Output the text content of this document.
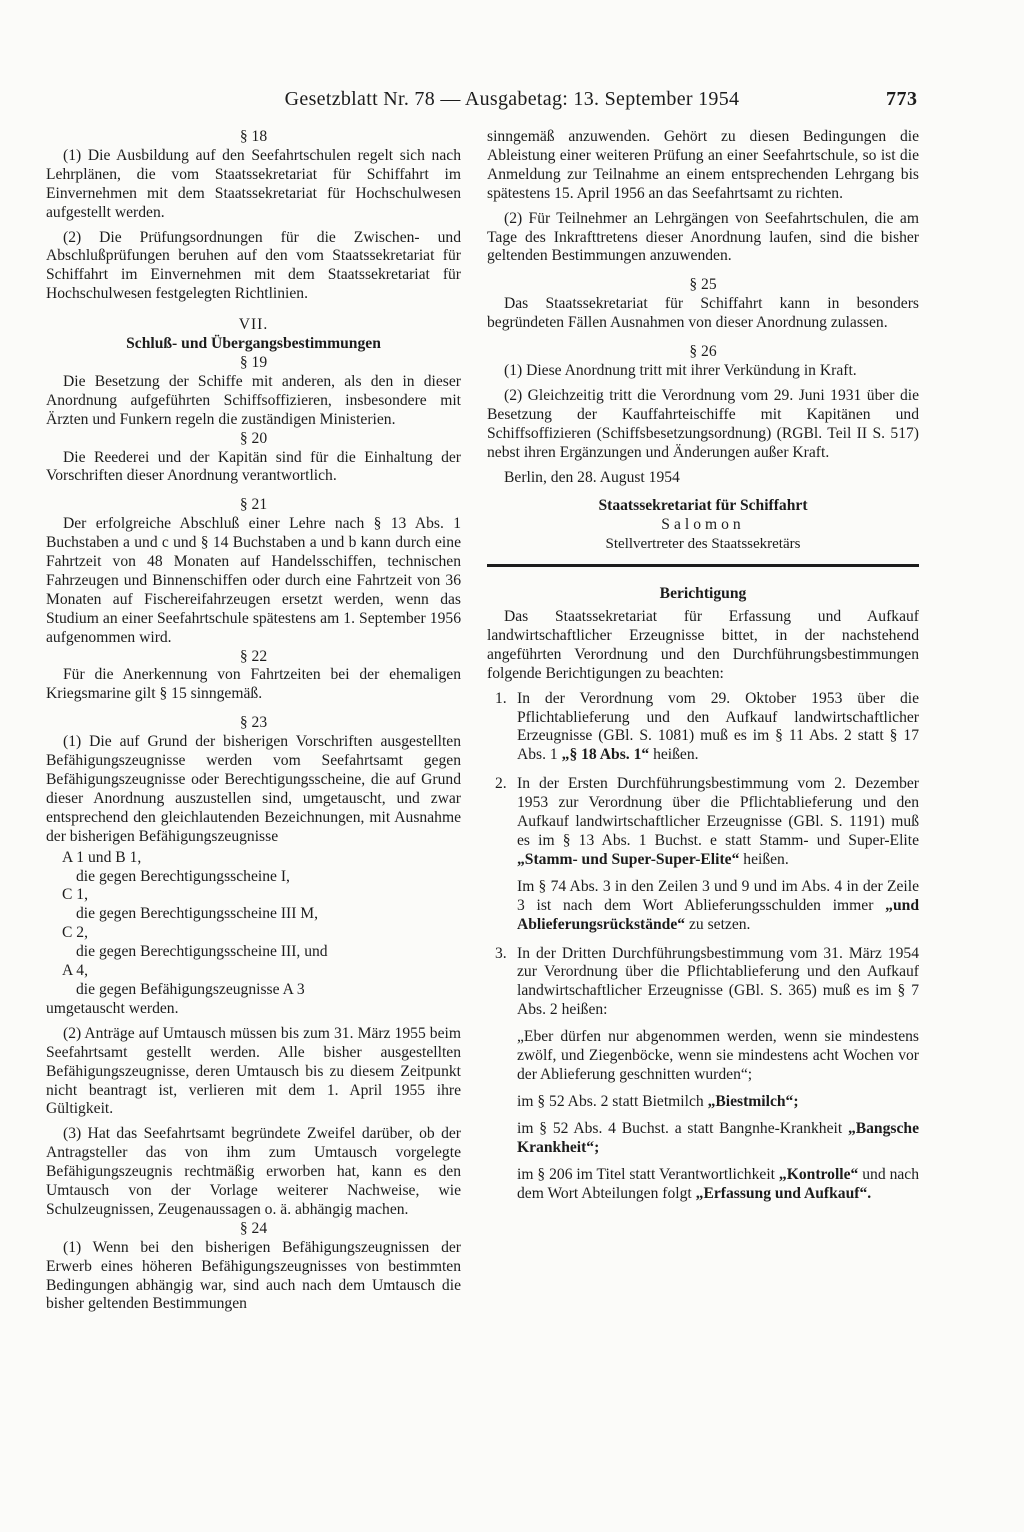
Gesetzblatt Nr. 78 — Ausgabetag: 13. September 1954	773
§ 18

(1) Die Ausbildung auf den Seefahrtschulen regelt sich nach Lehrplänen, die vom Staatssekretariat für Schiffahrt im Einvernehmen mit dem Staatssekretariat für Hochschulwesen aufgestellt werden.

(2) Die Prüfungsordnungen für die Zwischen- und Abschlußprüfungen beruhen auf den vom Staatssekretariat für Schiffahrt im Einvernehmen mit dem Staatssekretariat für Hochschulwesen festgelegten Richtlinien.

VII.
Schluß- und Übergangsbestimmungen
§ 19

Die Besetzung der Schiffe mit anderen, als den in dieser Anordnung aufgeführten Schiffsoffizieren, insbesondere mit Ärzten und Funkern regeln die zuständigen Ministerien.

§ 20

Die Reederei und der Kapitän sind für die Einhaltung der Vorschriften dieser Anordnung verantwortlich.

§ 21

Der erfolgreiche Abschluß einer Lehre nach § 13 Abs. 1 Buchstaben a und c und § 14 Buchstaben a und b kann durch eine Fahrtzeit von 48 Monaten auf Handelsschiffen, technischen Fahrzeugen und Binnenschiffen oder durch eine Fahrtzeit von 36 Monaten auf Fischereifahrzeugen ersetzt werden, wenn das Studium an einer Seefahrtschule spätestens am 1. September 1956 aufgenommen wird.

§ 22

Für die Anerkennung von Fahrtzeiten bei der ehemaligen Kriegsmarine gilt § 15 sinngemäß.

§ 23

(1) Die auf Grund der bisherigen Vorschriften ausgestellten Befähigungszeugnisse werden vom Seefahrtsamt gegen Befähigungszeugnisse oder Berechtigungsscheine, die auf Grund dieser Anordnung auszustellen sind, umgetauscht, und zwar entsprechend den gleichlautenden Bezeichnungen, mit Ausnahme der bisherigen Befähigungszeugnisse

A 1 und B 1,
die gegen Berechtigungsscheine I,
C 1,
die gegen Berechtigungsscheine III M,
C 2,
die gegen Berechtigungsscheine III, und
A 4,
die gegen Befähigungszeugnisse A 3

umgetauscht werden.

(2) Anträge auf Umtausch müssen bis zum 31. März 1955 beim Seefahrtsamt gestellt werden. Alle bisher ausgestellten Befähigungszeugnisse, deren Umtausch bis zu diesem Zeitpunkt nicht beantragt ist, verlieren mit dem 1. April 1955 ihre Gültigkeit.

(3) Hat das Seefahrtsamt begründete Zweifel darüber, ob der Antragsteller das von ihm zum Umtausch vorgelegte Befähigungszeugnis rechtmäßig erworben hat, kann es den Umtausch von der Vorlage weiterer Nachweise, wie Schulzeugnissen, Zeugenaussagen o. ä. abhängig machen.

§ 24

(1) Wenn bei den bisherigen Befähigungszeugnissen der Erwerb eines höheren Befähigungszeugnisses von bestimmten Bedingungen abhängig war, sind auch nach dem Umtausch die bisher geltenden Bestimmungen

sinngemäß anzuwenden. Gehört zu diesen Bedingungen die Ableistung einer weiteren Prüfung an einer Seefahrtschule, so ist die Anmeldung zur Teilnahme an einem entsprechenden Lehrgang bis spätestens 15. April 1956 an das Seefahrtsamt zu richten.

(2) Für Teilnehmer an Lehrgängen von Seefahrtschulen, die am Tage des Inkrafttretens dieser Anordnung laufen, sind die bisher geltenden Bestimmungen anzuwenden.

§ 25

Das Staatssekretariat für Schiffahrt kann in besonders begründeten Fällen Ausnahmen von dieser Anordnung zulassen.

§ 26

(1) Diese Anordnung tritt mit ihrer Verkündung in Kraft.

(2) Gleichzeitig tritt die Verordnung vom 29. Juni 1931 über die Besetzung der Kauffahrteischiffe mit Kapitänen und Schiffsoffizieren (Schiffsbesetzungsordnung) (RGBl. Teil II S. 517) nebst ihren Ergänzungen und Änderungen außer Kraft.

Berlin, den 28. August 1954

Staatssekretariat für Schiffahrt
Salomon
Stellvertreter des Staatssekretärs
Berichtigung

Das Staatssekretariat für Erfassung und Aufkauf landwirtschaftlicher Erzeugnisse bittet, in der nachstehend angeführten Verordnung und den Durchführungsbestimmungen folgende Berichtigungen zu beachten:

1. In der Verordnung vom 29. Oktober 1953 über die Pflichtablieferung und den Aufkauf landwirtschaftlicher Erzeugnisse (GBl. S. 1081) muß es im § 11 Abs. 2 statt § 17 Abs. 1 „§ 18 Abs. 1“ heißen.

2. In der Ersten Durchführungsbestimmung vom 2. Dezember 1953 zur Verordnung über die Pflichtablieferung und den Aufkauf landwirtschaftlicher Erzeugnisse (GBl. S. 1191) muß es im § 13 Abs. 1 Buchst. e statt Stamm- und Super-Elite „Stamm- und Super-Super-Elite“ heißen.

Im § 74 Abs. 3 in den Zeilen 3 und 9 und im Abs. 4 in der Zeile 3 ist nach dem Wort Ablieferungsschulden immer „und Ablieferungsrückstände“ zu setzen.

3. In der Dritten Durchführungsbestimmung vom 31. März 1954 zur Verordnung über die Pflichtablieferung und den Aufkauf landwirtschaftlicher Erzeugnisse (GBl. S. 365) muß es im § 7 Abs. 2 heißen:

„Eber dürfen nur abgenommen werden, wenn sie mindestens zwölf, und Ziegenböcke, wenn sie mindestens acht Wochen vor der Ablieferung geschnitten wurden“;

im § 52 Abs. 2 statt Bietmilch „Biestmilch“;

im § 52 Abs. 4 Buchst. a statt Bangnhe-Krankheit „Bangsche Krankheit“;

im § 206 im Titel statt Verantwortlichkeit „Kontrolle“ und nach dem Wort Abteilungen folgt „Erfassung und Aufkauf“.
